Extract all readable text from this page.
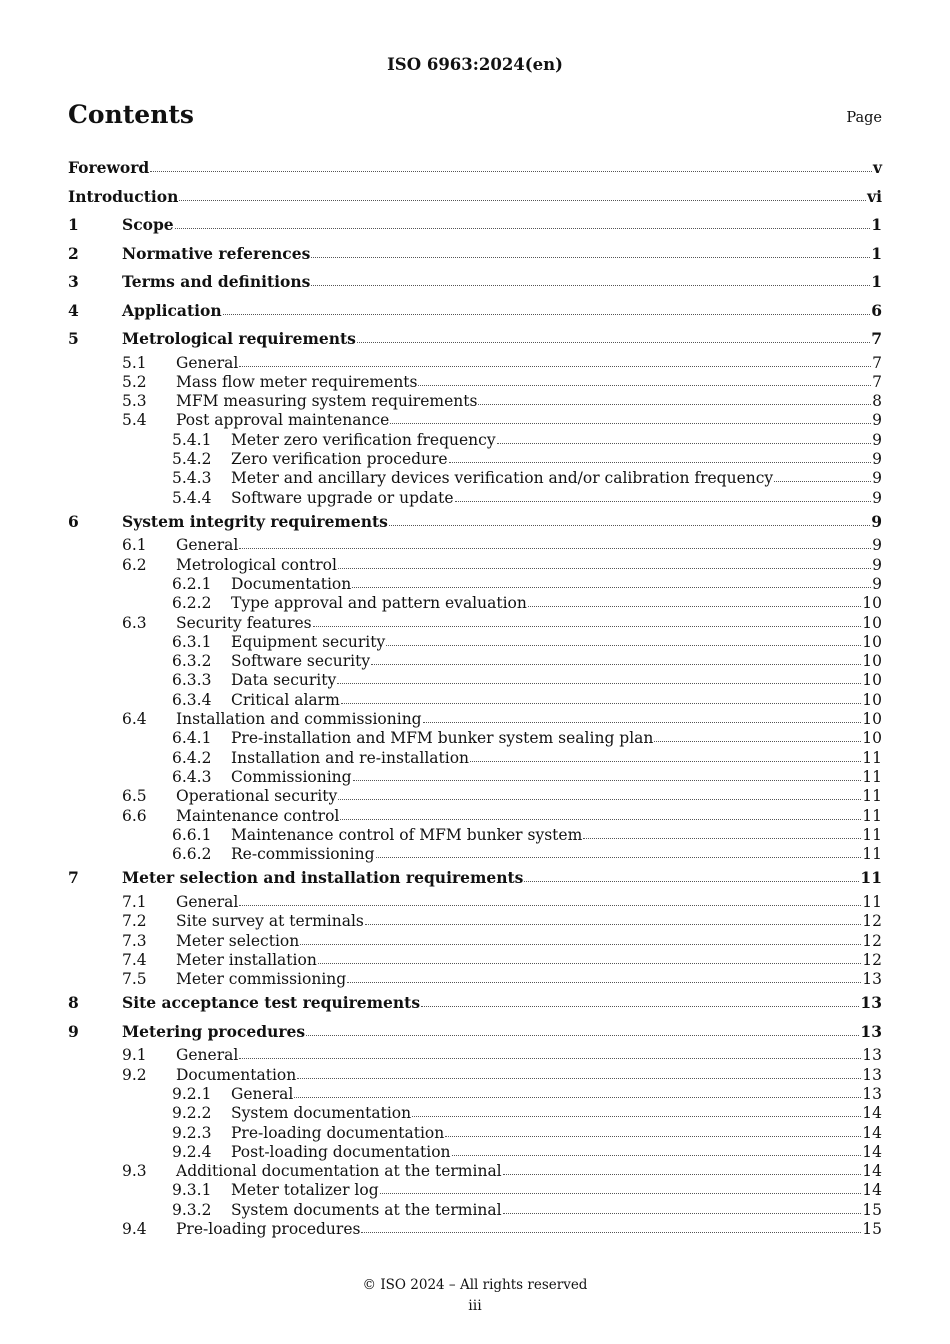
ISO 6963:2024(en)
Contents	Page
Foreword	v
Introduction	vi
1	Scope	1
2	Normative references	1
3	Terms and definitions	1
4	Application	6
5	Metrological requirements	7
5.1	General	7
5.2	Mass flow meter requirements	7
5.3	MFM measuring system requirements	8
5.4	Post approval maintenance	9
5.4.1	Meter zero verification frequency	9
5.4.2	Zero verification procedure	9
5.4.3	Meter and ancillary devices verification and/or calibration frequency	9
5.4.4	Software upgrade or update	9
6	System integrity requirements	9
6.1	General	9
6.2	Metrological control	9
6.2.1	Documentation	9
6.2.2	Type approval and pattern evaluation	10
6.3	Security features	10
6.3.1	Equipment security	10
6.3.2	Software security	10
6.3.3	Data security	10
6.3.4	Critical alarm	10
6.4	Installation and commissioning	10
6.4.1	Pre-installation and MFM bunker system sealing plan	10
6.4.2	Installation and re-installation	11
6.4.3	Commissioning	11
6.5	Operational security	11
6.6	Maintenance control	11
6.6.1	Maintenance control of MFM bunker system	11
6.6.2	Re-commissioning	11
7	Meter selection and installation requirements	11
7.1	General	11
7.2	Site survey at terminals	12
7.3	Meter selection	12
7.4	Meter installation	12
7.5	Meter commissioning	13
8	Site acceptance test requirements	13
9	Metering procedures	13
9.1	General	13
9.2	Documentation	13
9.2.1	General	13
9.2.2	System documentation	14
9.2.3	Pre-loading documentation	14
9.2.4	Post-loading documentation	14
9.3	Additional documentation at the terminal	14
9.3.1	Meter totalizer log	14
9.3.2	System documents at the terminal	15
9.4	Pre-loading procedures	15
© ISO 2024 – All rights reserved
iii
